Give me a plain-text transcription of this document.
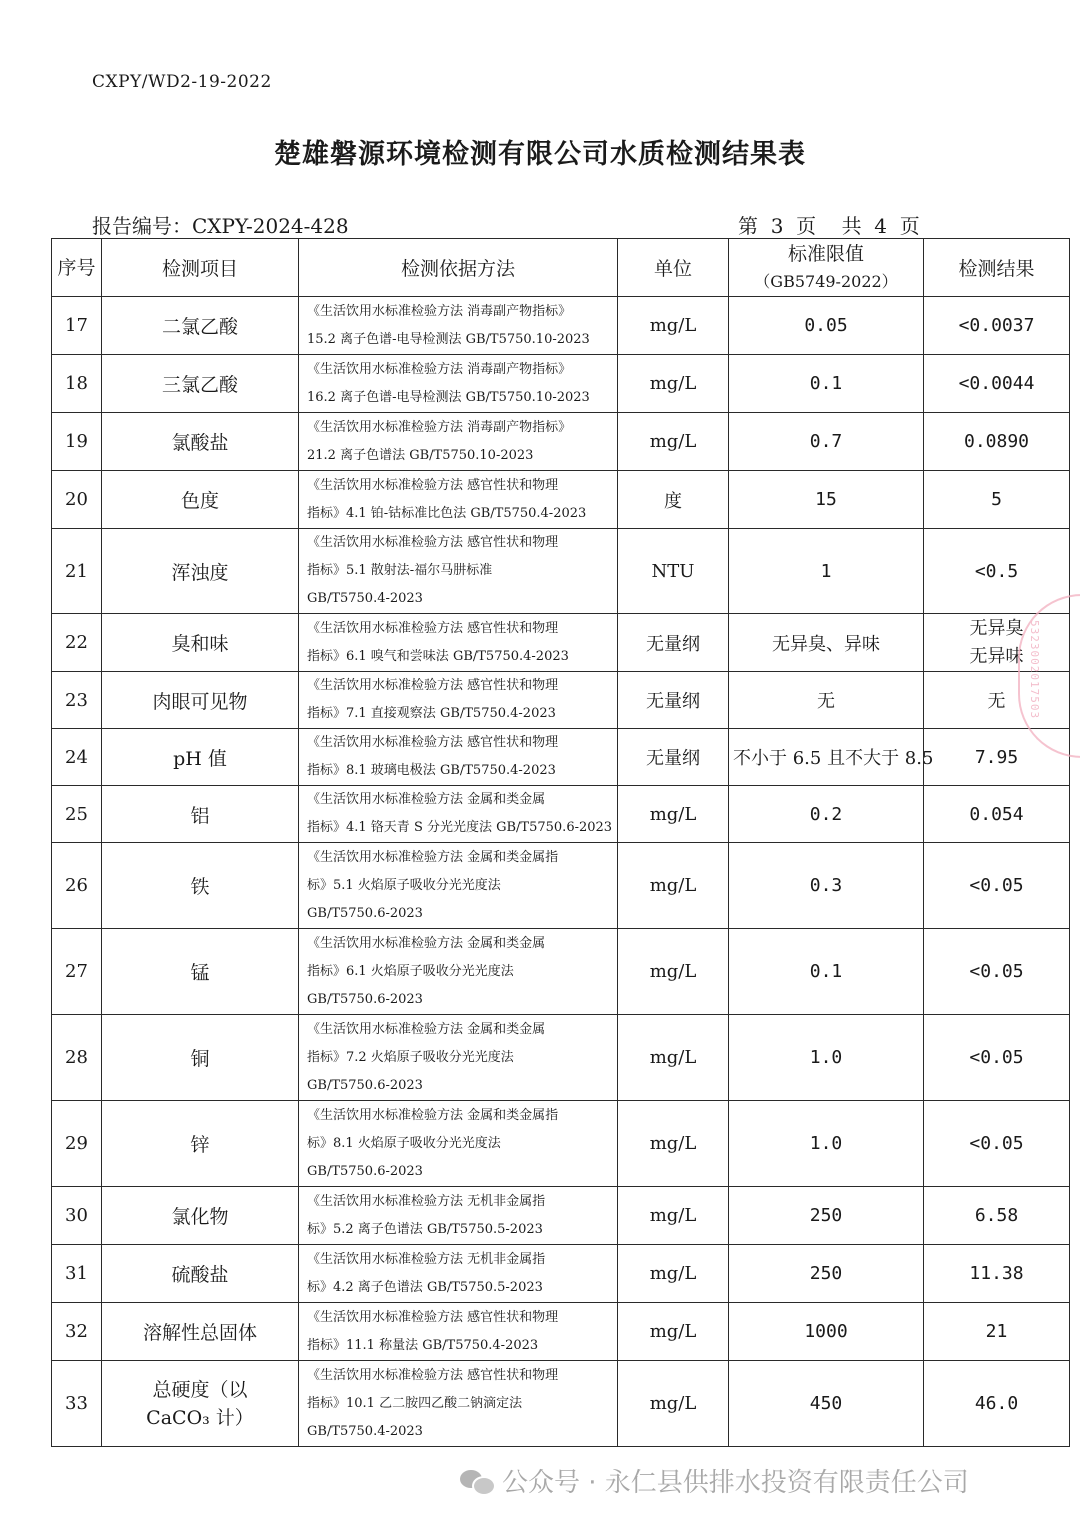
CXPY/WD2-19-2022
楚雄磐源环境检测有限公司水质检测结果表
报告编号：CXPY-2024-428	第  3  页    共  4  页
序号	检测项目	检测依据方法	单位	标准限值
（GB5749-2022）	检测结果
17	二氯乙酸	《生活饮用水标准检验方法 消毒副产物指标》
15.2 离子色谱-电导检测法 GB/T5750.10-2023	mg/L	0.05	<0.0037
18	三氯乙酸	《生活饮用水标准检验方法 消毒副产物指标》
16.2 离子色谱-电导检测法 GB/T5750.10-2023	mg/L	0.1	<0.0044
19	氯酸盐	《生活饮用水标准检验方法 消毒副产物指标》
21.2 离子色谱法 GB/T5750.10-2023	mg/L	0.7	0.0890
20	色度	《生活饮用水标准检验方法 感官性状和物理
指标》4.1 铂-钴标准比色法 GB/T5750.4-2023	度	15	5
21	浑浊度	《生活饮用水标准检验方法 感官性状和物理
指标》5.1 散射法-福尔马肼标准
GB/T5750.4-2023	NTU	1	<0.5
22	臭和味	《生活饮用水标准检验方法 感官性状和物理
指标》6.1 嗅气和尝味法 GB/T5750.4-2023	无量纲	无异臭、异味	无异臭
无异味

23	肉眼可见物	《生活饮用水标准检验方法 感官性状和物理
指标》7.1 直接观察法 GB/T5750.4-2023	无量纲	无	无
24	pH 值	《生活饮用水标准检验方法 感官性状和物理
指标》8.1 玻璃电极法 GB/T5750.4-2023	无量纲	不小于 6.5 且不大于 8.5	7.95
25	铝	《生活饮用水标准检验方法 金属和类金属
指标》4.1 铬天青 S 分光光度法 GB/T5750.6-2023	mg/L	0.2	0.054
26	铁	《生活饮用水标准检验方法 金属和类金属指
标》5.1 火焰原子吸收分光光度法
GB/T5750.6-2023	mg/L	0.3	<0.05
27	锰	《生活饮用水标准检验方法 金属和类金属
指标》6.1 火焰原子吸收分光光度法
GB/T5750.6-2023	mg/L	0.1	<0.05
28	铜	《生活饮用水标准检验方法 金属和类金属
指标》7.2 火焰原子吸收分光光度法
GB/T5750.6-2023	mg/L	1.0	<0.05
29	锌	《生活饮用水标准检验方法 金属和类金属指
标》8.1 火焰原子吸收分光光度法
GB/T5750.6-2023	mg/L	1.0	<0.05
30	氯化物	《生活饮用水标准检验方法 无机非金属指
标》5.2 离子色谱法 GB/T5750.5-2023	mg/L	250	6.58
31	硫酸盐	《生活饮用水标准检验方法 无机非金属指
标》4.2 离子色谱法 GB/T5750.5-2023	mg/L	250	11.38
32	溶解性总固体	《生活饮用水标准检验方法 感官性状和物理
指标》11.1 称量法 GB/T5750.4-2023	mg/L	1000	21
33	总硬度（以
CaCO₃ 计）	《生活饮用水标准检验方法 感官性状和物理
指标》10.1 乙二胺四乙酸二钠滴定法
GB/T5750.4-2023	mg/L	450	46.0
5323002017503
公众号 · 永仁县供排水投资有限责任公司
